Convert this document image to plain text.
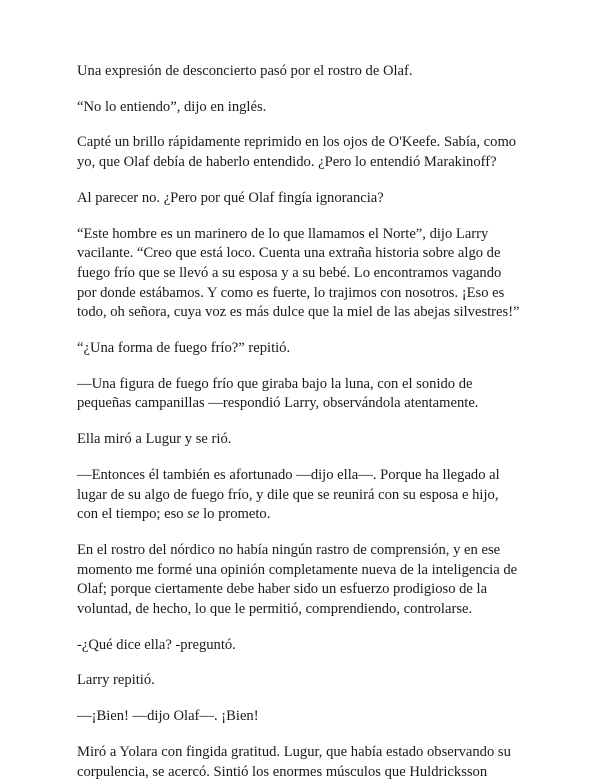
Una expresión de desconcierto pasó por el rostro de Olaf.

“No lo entiendo”, dijo en inglés.

Capté un brillo rápidamente reprimido en los ojos de O'Keefe. Sabía, como
yo, que Olaf debía de haberlo entendido. ¿Pero lo entendió Marakinoff?

Al parecer no. ¿Pero por qué Olaf fingía ignorancia?

“Este hombre es un marinero de lo que llamamos el Norte”, dijo Larry
vacilante. “Creo que está loco. Cuenta una extraña historia sobre algo de
fuego frío que se llevó a su esposa y a su bebé. Lo encontramos vagando
por donde estábamos. Y como es fuerte, lo trajimos con nosotros. ¡Eso es
todo, oh señora, cuya voz es más dulce que la miel de las abejas silvestres!”

“¿Una forma de fuego frío?” repitió.

—Una figura de fuego frío que giraba bajo la luna, con el sonido de
pequeñas campanillas —respondió Larry, observándola atentamente.

Ella miró a Lugur y se rió.

—Entonces él también es afortunado —dijo ella—. Porque ha llegado al
lugar de su algo de fuego frío, y dile que se reunirá con su esposa e hijo,
con el tiempo; eso se lo prometo.

En el rostro del nórdico no había ningún rastro de comprensión, y en ese
momento me formé una opinión completamente nueva de la inteligencia de
Olaf; porque ciertamente debe haber sido un esfuerzo prodigioso de la
voluntad, de hecho, lo que le permitió, comprendiendo, controlarse.

-¿Qué dice ella? -preguntó.

Larry repitió.

—¡Bien! —dijo Olaf—. ¡Bien!

Miró a Yolara con fingida gratitud. Lugur, que había estado observando su
corpulencia, se acercó. Sintió los enormes músculos que Huldricksson
